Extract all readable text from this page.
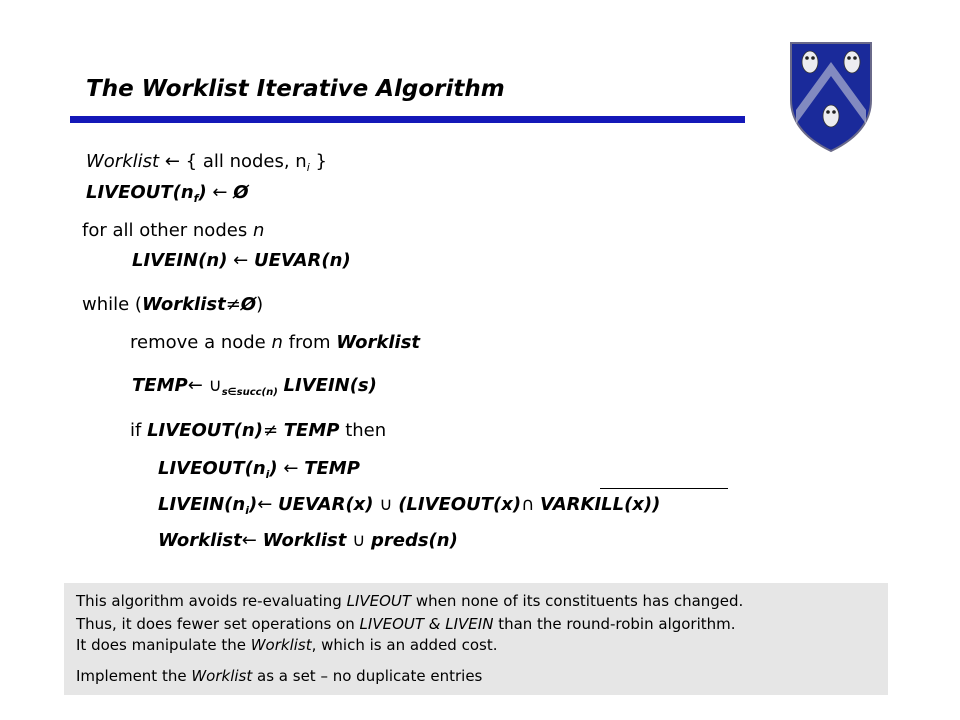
The Worklist Iterative Algorithm
Worklist ← { all nodes, $n_i$ }
$LIVEOUT(n_f)$ ← Ø
for all other nodes n
LIVEIN(n) ← UEVAR(n)
while (Worklist≠Ø)
remove a node n from Worklist
TEMP← $\cup_{s\in succ(n)}$ LIVEIN(s)
if LIVEOUT(n)≠ TEMP then
$LIVEOUT(n_i)$ ← TEMP
$LIVEIN(n_i)\leftarrow$ UEVAR(x) ∪ (LIVEOUT(x)∩ VARKILL(x))
Worklist← Worklist ∪ preds(n)
This algorithm avoids re-evaluating LIVEOUT when none of its constituents has changed.
Thus, it does fewer set operations on LIVEOUT & LIVEIN than the round-robin algorithm.
It does manipulate the Worklist, which is an added cost.
Implement the Worklist as a set – no duplicate entries
